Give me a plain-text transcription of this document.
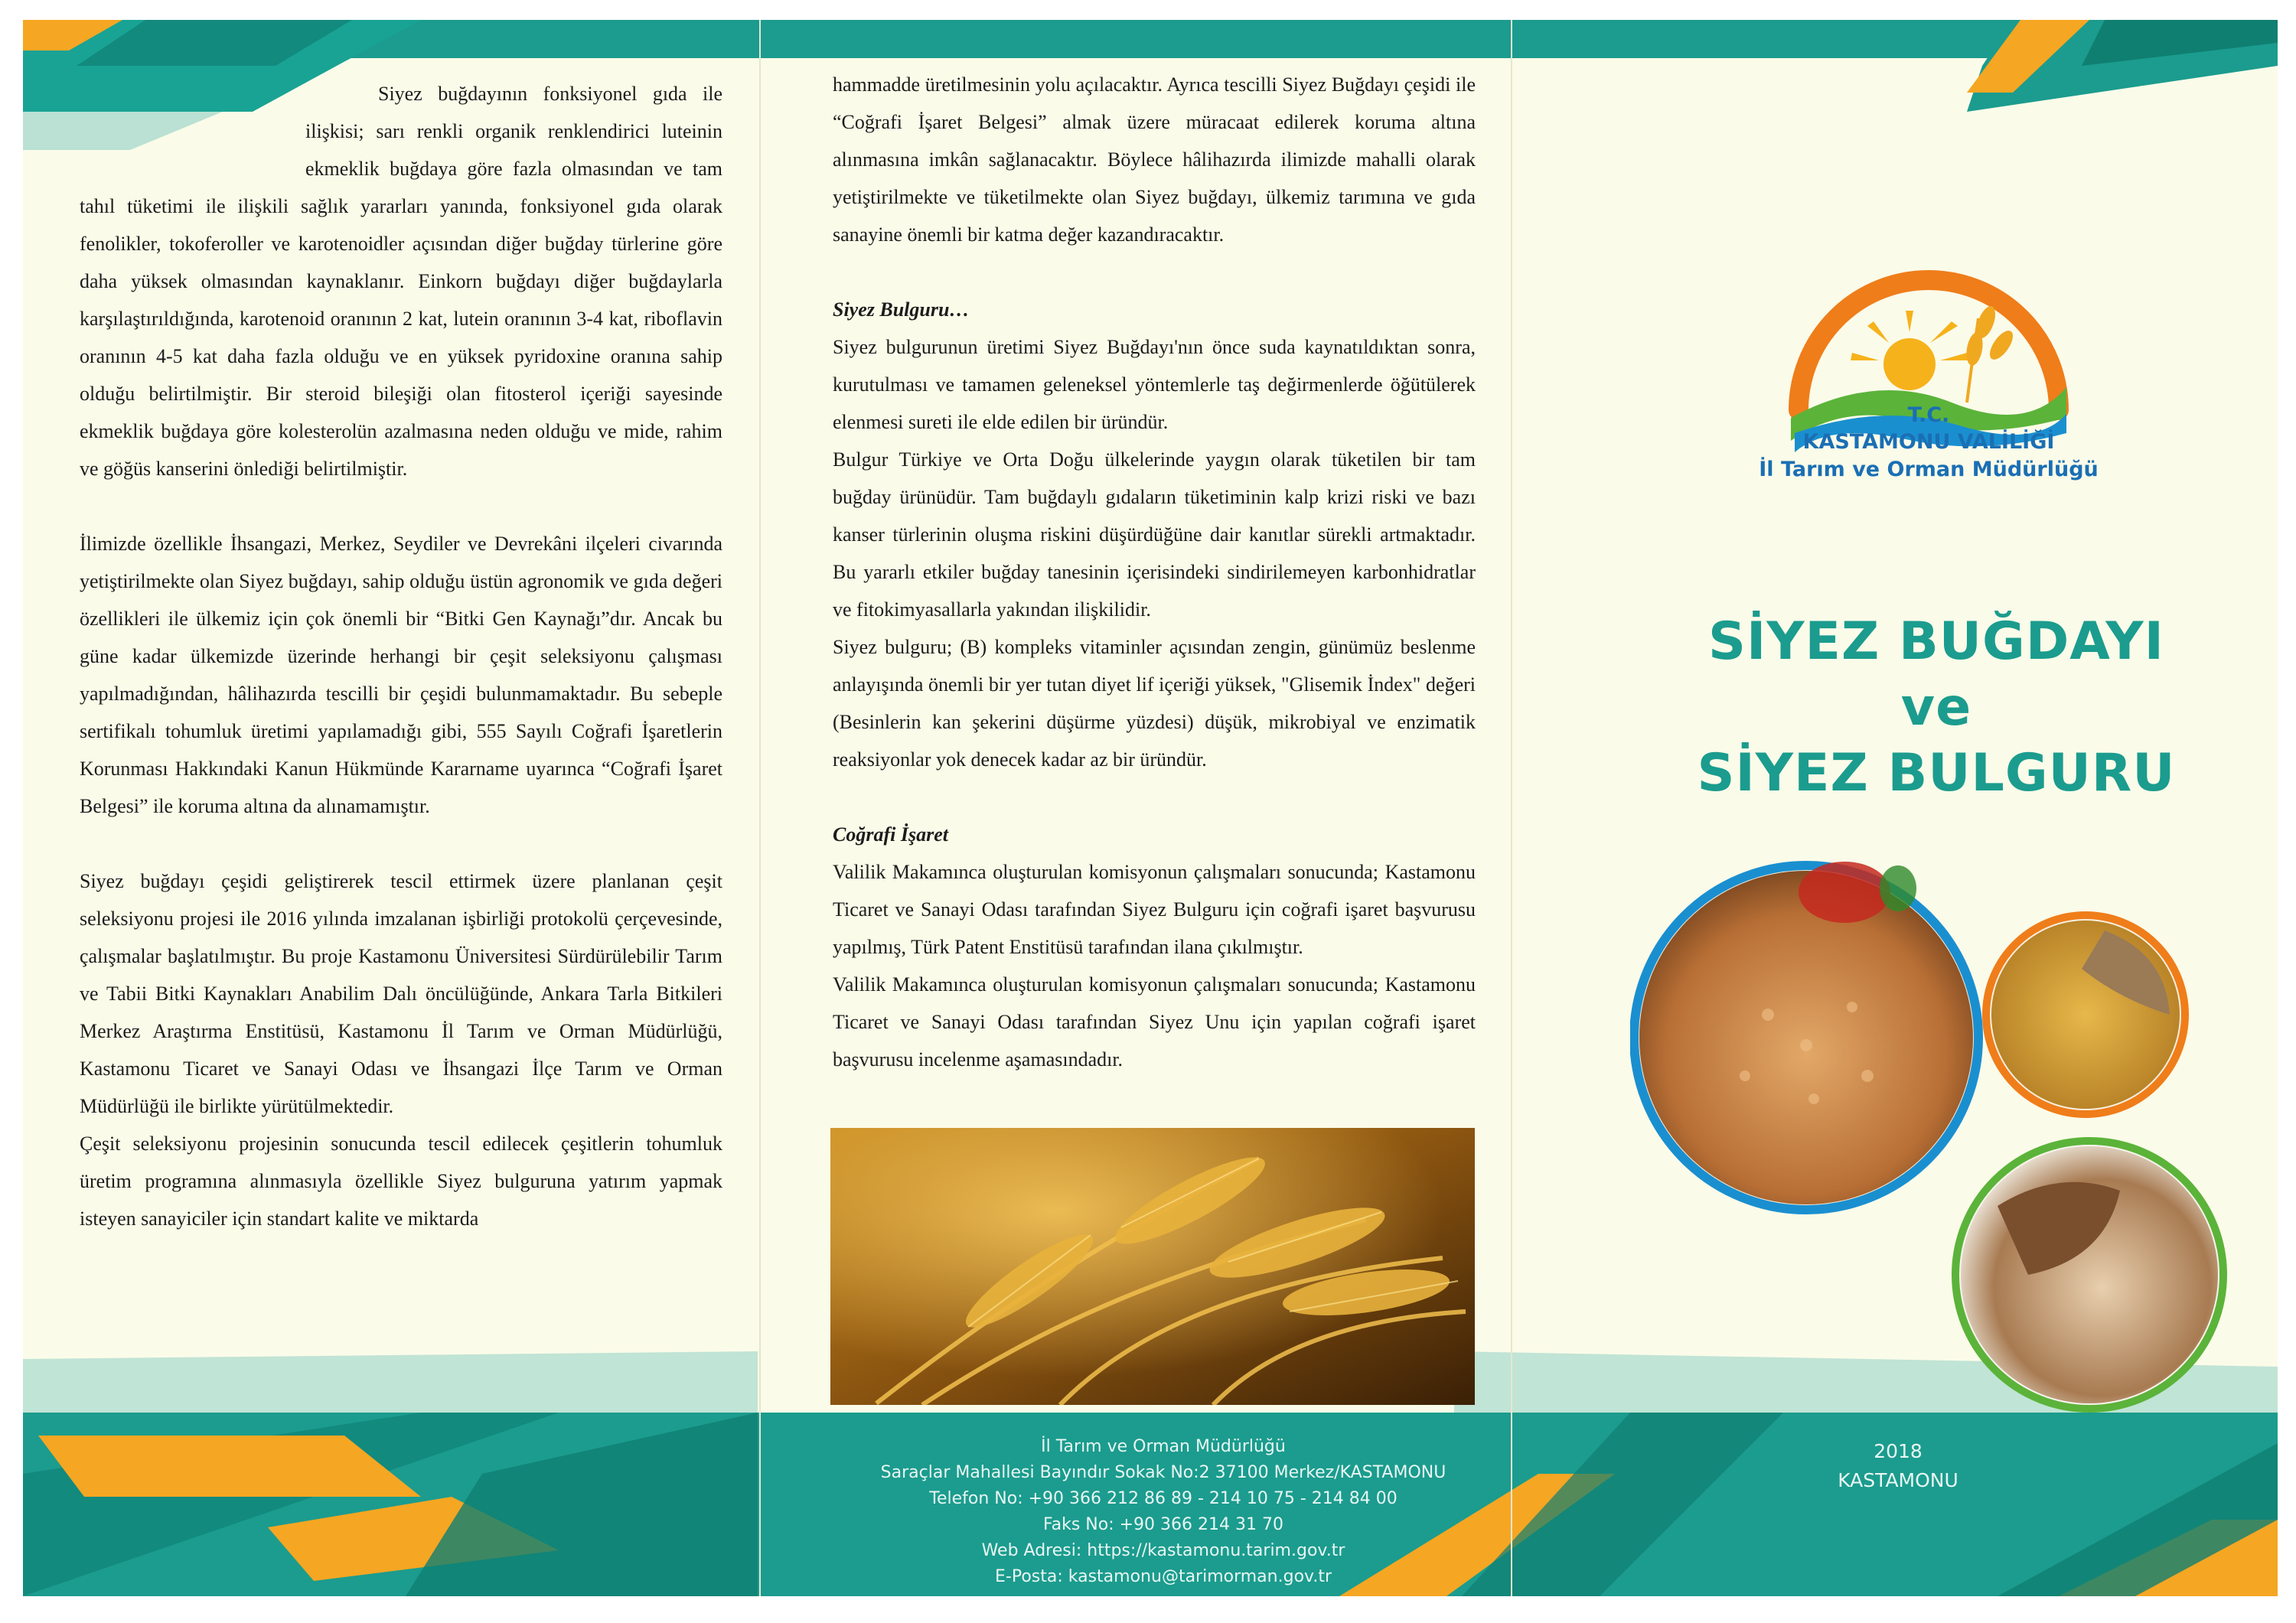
Siyez buğdayının fonksiyonel gıda ile ilişkisi; sarı renkli organik renklendirici luteinin ekmeklik buğdaya göre fazla olmasından ve tam tahıl tüketimi ile ilişkili sağlık yararları yanında, fonksiyonel gıda olarak fenolikler, tokoferoller ve karotenoidler açısından diğer buğday türlerine göre daha yüksek olmasından kaynaklanır. Einkorn buğdayı diğer buğdaylarla karşılaştırıldığında, karotenoid oranının 2 kat, lutein oranının 3-4 kat, riboflavin oranının 4-5 kat daha fazla olduğu ve en yüksek pyridoxine oranına sahip olduğu belirtilmiştir. Bir steroid bileşiği olan fitosterol içeriği sayesinde ekmeklik buğdaya göre kolesterolün azalmasına neden olduğu ve mide, rahim ve göğüs kanserini önlediği belirtilmiştir.

İlimizde özellikle İhsangazi, Merkez, Seydiler ve Devrekâni ilçeleri civarında yetiştirilmekte olan Siyez buğdayı, sahip olduğu üstün agronomik ve gıda değeri özellikleri ile ülkemiz için çok önemli bir “Bitki Gen Kaynağı”dır. Ancak bu güne kadar ülkemizde üzerinde herhangi bir çeşit seleksiyonu çalışması yapılmadığından, hâlihazırda tescilli bir çeşidi bulunmamaktadır. Bu sebeple sertifikalı tohumluk üretimi yapılamadığı gibi, 555 Sayılı Coğrafi İşaretlerin Korunması Hakkındaki Kanun Hükmünde Kararname uyarınca “Coğrafi İşaret Belgesi” ile koruma altına da alınamamıştır.

Siyez buğdayı çeşidi geliştirerek tescil ettirmek üzere planlanan çeşit seleksiyonu projesi ile 2016 yılında imzalanan işbirliği protokolü çerçevesinde, çalışmalar başlatılmıştır. Bu proje Kastamonu Üniversitesi Sürdürülebilir Tarım ve Tabii Bitki Kaynakları Anabilim Dalı öncülüğünde, Ankara Tarla Bitkileri Merkez Araştırma Enstitüsü, Kastamonu İl Tarım ve Orman Müdürlüğü, Kastamonu Ticaret ve Sanayi Odası ve İhsangazi İlçe Tarım ve Orman Müdürlüğü ile birlikte yürütülmektedir.

Çeşit seleksiyonu projesinin sonucunda tescil edilecek çeşitlerin tohumluk üretim programına alınmasıyla özellikle Siyez bulguruna yatırım yapmak isteyen sanayiciler için standart kalite ve miktarda

hammadde üretilmesinin yolu açılacaktır. Ayrıca tescilli Siyez Buğdayı çeşidi ile “Coğrafi İşaret Belgesi” almak üzere müracaat edilerek koruma altına alınmasına imkân sağlanacaktır. Böylece hâlihazırda ilimizde mahalli olarak yetiştirilmekte ve tüketilmekte olan Siyez buğdayı, ülkemiz tarımına ve gıda sanayine önemli bir katma değer kazandıracaktır.

Siyez Bulguru…

Siyez bulgurunun üretimi Siyez Buğdayı'nın önce suda kaynatıldıktan sonra, kurutulması ve tamamen geleneksel yöntemlerle taş değirmenlerde öğütülerek elenmesi sureti ile elde edilen bir üründür.

Bulgur Türkiye ve Orta Doğu ülkelerinde yaygın olarak tüketilen bir tam buğday ürünüdür. Tam buğdaylı gıdaların tüketiminin kalp krizi riski ve bazı kanser türlerinin oluşma riskini düşürdüğüne dair kanıtlar sürekli artmaktadır. Bu yararlı etkiler buğday tanesinin içerisindeki sindirilemeyen karbonhidratlar ve fitokimyasallarla yakından ilişkilidir.

Siyez bulguru; (B) kompleks vitaminler açısından zengin, günümüz beslenme anlayışında önemli bir yer tutan diyet lif içeriği yüksek, "Glisemik İndex" değeri (Besinlerin kan şekerini düşürme yüzdesi) düşük, mikrobiyal ve enzimatik reaksiyonlar yok denecek kadar az bir üründür.

Coğrafi İşaret

Valilik Makamınca oluşturulan komisyonun çalışmaları sonucunda; Kastamonu Ticaret ve Sanayi Odası tarafından Siyez Bulguru için coğrafi işaret başvurusu yapılmış, Türk Patent Enstitüsü tarafından ilana çıkılmıştır.

Valilik Makamınca oluşturulan komisyonun çalışmaları sonucunda; Kastamonu Ticaret ve Sanayi Odası tarafından Siyez Unu için yapılan coğrafi işaret başvurusu incelenme aşamasındadır.

İl Tarım ve Orman Müdürlüğü
Saraçlar Mahallesi Bayındır Sokak No:2 37100 Merkez/KASTAMONU
Telefon No: +90 366 212 86 89 - 214 10 75 - 214 84 00
Faks No: +90 366 214 31 70
Web Adresi: https://kastamonu.tarim.gov.tr
E-Posta: kastamonu@tarimorman.gov.tr
T.C.
KASTAMONU VALİLİĞİ
İl Tarım ve Orman Müdürlüğü
SİYEZ BUĞDAYI
ve
SİYEZ BULGURU
2018
KASTAMONU
